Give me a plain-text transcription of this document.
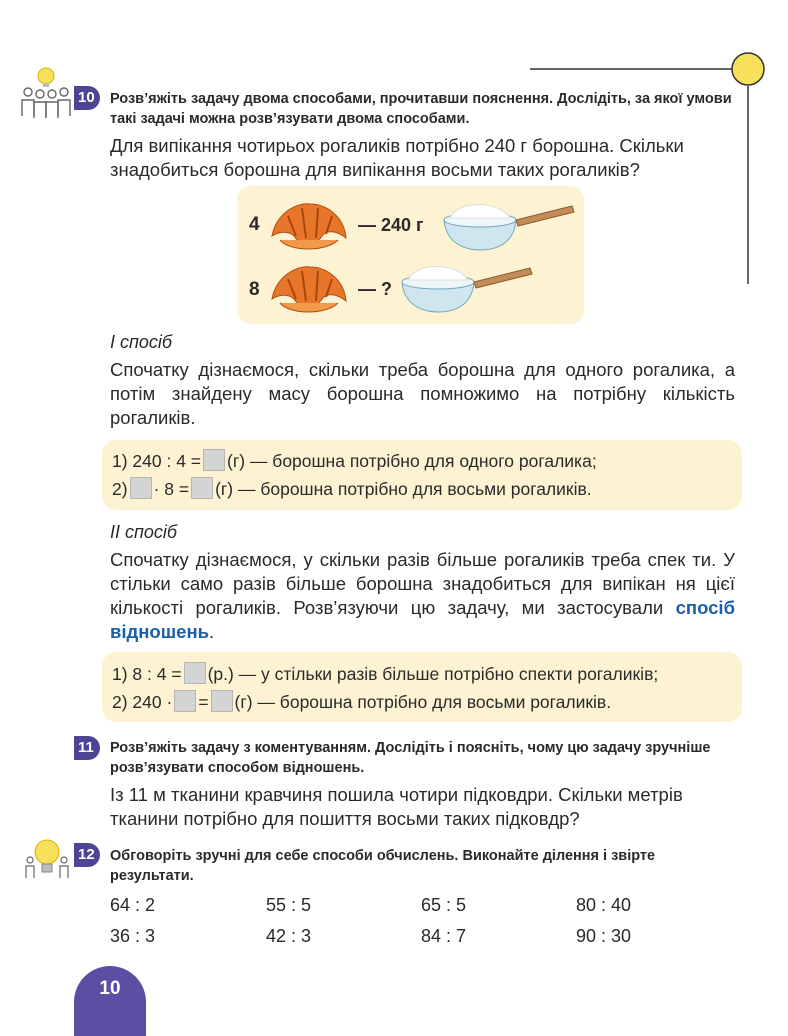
10	Розв’яжіть задачу двома способами, прочитавши пояснення. Дослідіть, за якої умови такі задачі можна розв’язувати двома способами.
Для випікання чотирьох рогаликів потрібно 240 г борошна. Скільки знадобиться борошна для випікання восьми таких рогаликів?
4	— 240 г
8	— ?
І спосіб
Спочатку дізнаємося, скільки треба борошна для одного рогалика, а потім знайдену масу борошна помножимо на потрібну кількість рогаликів.
1) 240 : 4 = (г) — борошна потрібно для одного рогалика;
2) · 8 = (г) — борошна потрібно для восьми рогаликів.
ІІ спосіб
Спочатку дізнаємося, у скільки разів більше рогаликів треба спек ти. У стільки само разів більше борошна знадобиться для випікан ня цієї кількості рогаликів. Розв’язуючи цю задачу, ми застосували спосіб відношень.
1) 8 : 4 = (р.) — у стільки разів більше потрібно спекти рогаликів;
2) 240 · = (г) — борошна потрібно для восьми рогаликів.
11	Розв’яжіть задачу з коментуванням. Дослідіть і поясніть, чому цю задачу зручніше розв’язувати способом відношень.
Із 11 м тканини кравчиня пошила чотири підковдри. Скільки метрів тканини потрібно для пошиття восьми таких підковдр?
12	Обговоріть зручні для себе способи обчислень. Виконайте ділення і звірте результати.
64 : 2	55 : 5	65 : 5	80 : 40
36 : 3	42 : 3	84 : 7	90 : 30
10
